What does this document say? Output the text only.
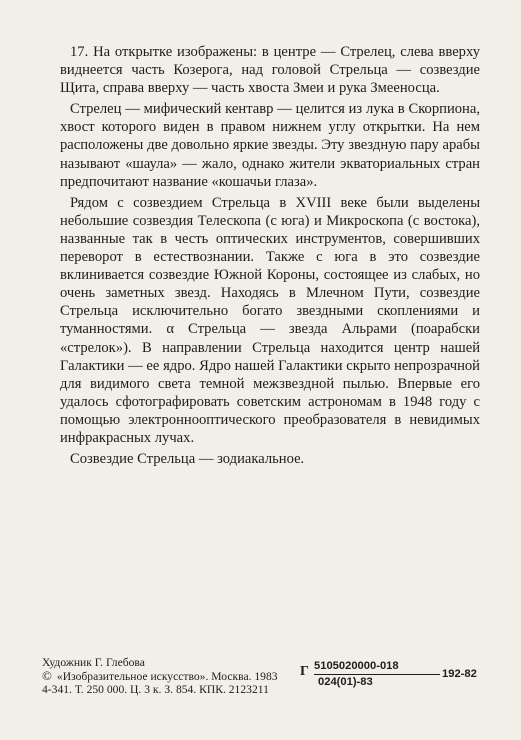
17. На открытке изображены: в центре — Стрелец, слева вверху виднеется часть Козерога, над головой Стрельца — созвездие Щита, справа вверху — часть хвоста Змеи и рука Змееносца.

Стрелец — мифический кентавр — целится из лука в Скорпиона, хвост которого виден в правом нижнем углу открытки. На нем расположены две довольно яркие звезды. Эту звездную пару арабы называют «шаула» — жало, однако жители экваториальных стран предпочитают название «кошачьи глаза».

Рядом с созвездием Стрельца в XVIII веке были выделены небольшие созвездия Телескопа (с юга) и Микроскопа (с востока), названные так в честь оптических инструментов, совершивших переворот в естествознании. Также с юга в это созвездие вклинивается созвездие Южной Короны, состоящее из слабых, но очень заметных звезд. Находясь в Млечном Пути, созвездие Стрельца исключительно богато звездными скоплениями и туманностями. α Стрельца — звезда Альрами (поарабски «стрелок»). В направлении Стрельца находится центр нашей Галактики — ее ядро. Ядро нашей Галактики скрыто непрозрачной для видимого света темной межзвездной пылью. Впервые его удалось сфотографировать советским астрономам в 1948 году с помощью электроннооптического преобразователя в невидимых инфракрасных лучах.

Созвездие Стрельца — зодиакальное.

Художник Г. Глебова
© «Изобразительное искусство». Москва. 1983
4-341. Т. 250 000. Ц. 3 к. З. 854. КПК. 2123211
Г 5105020000-018
024(01)-83
192-82
